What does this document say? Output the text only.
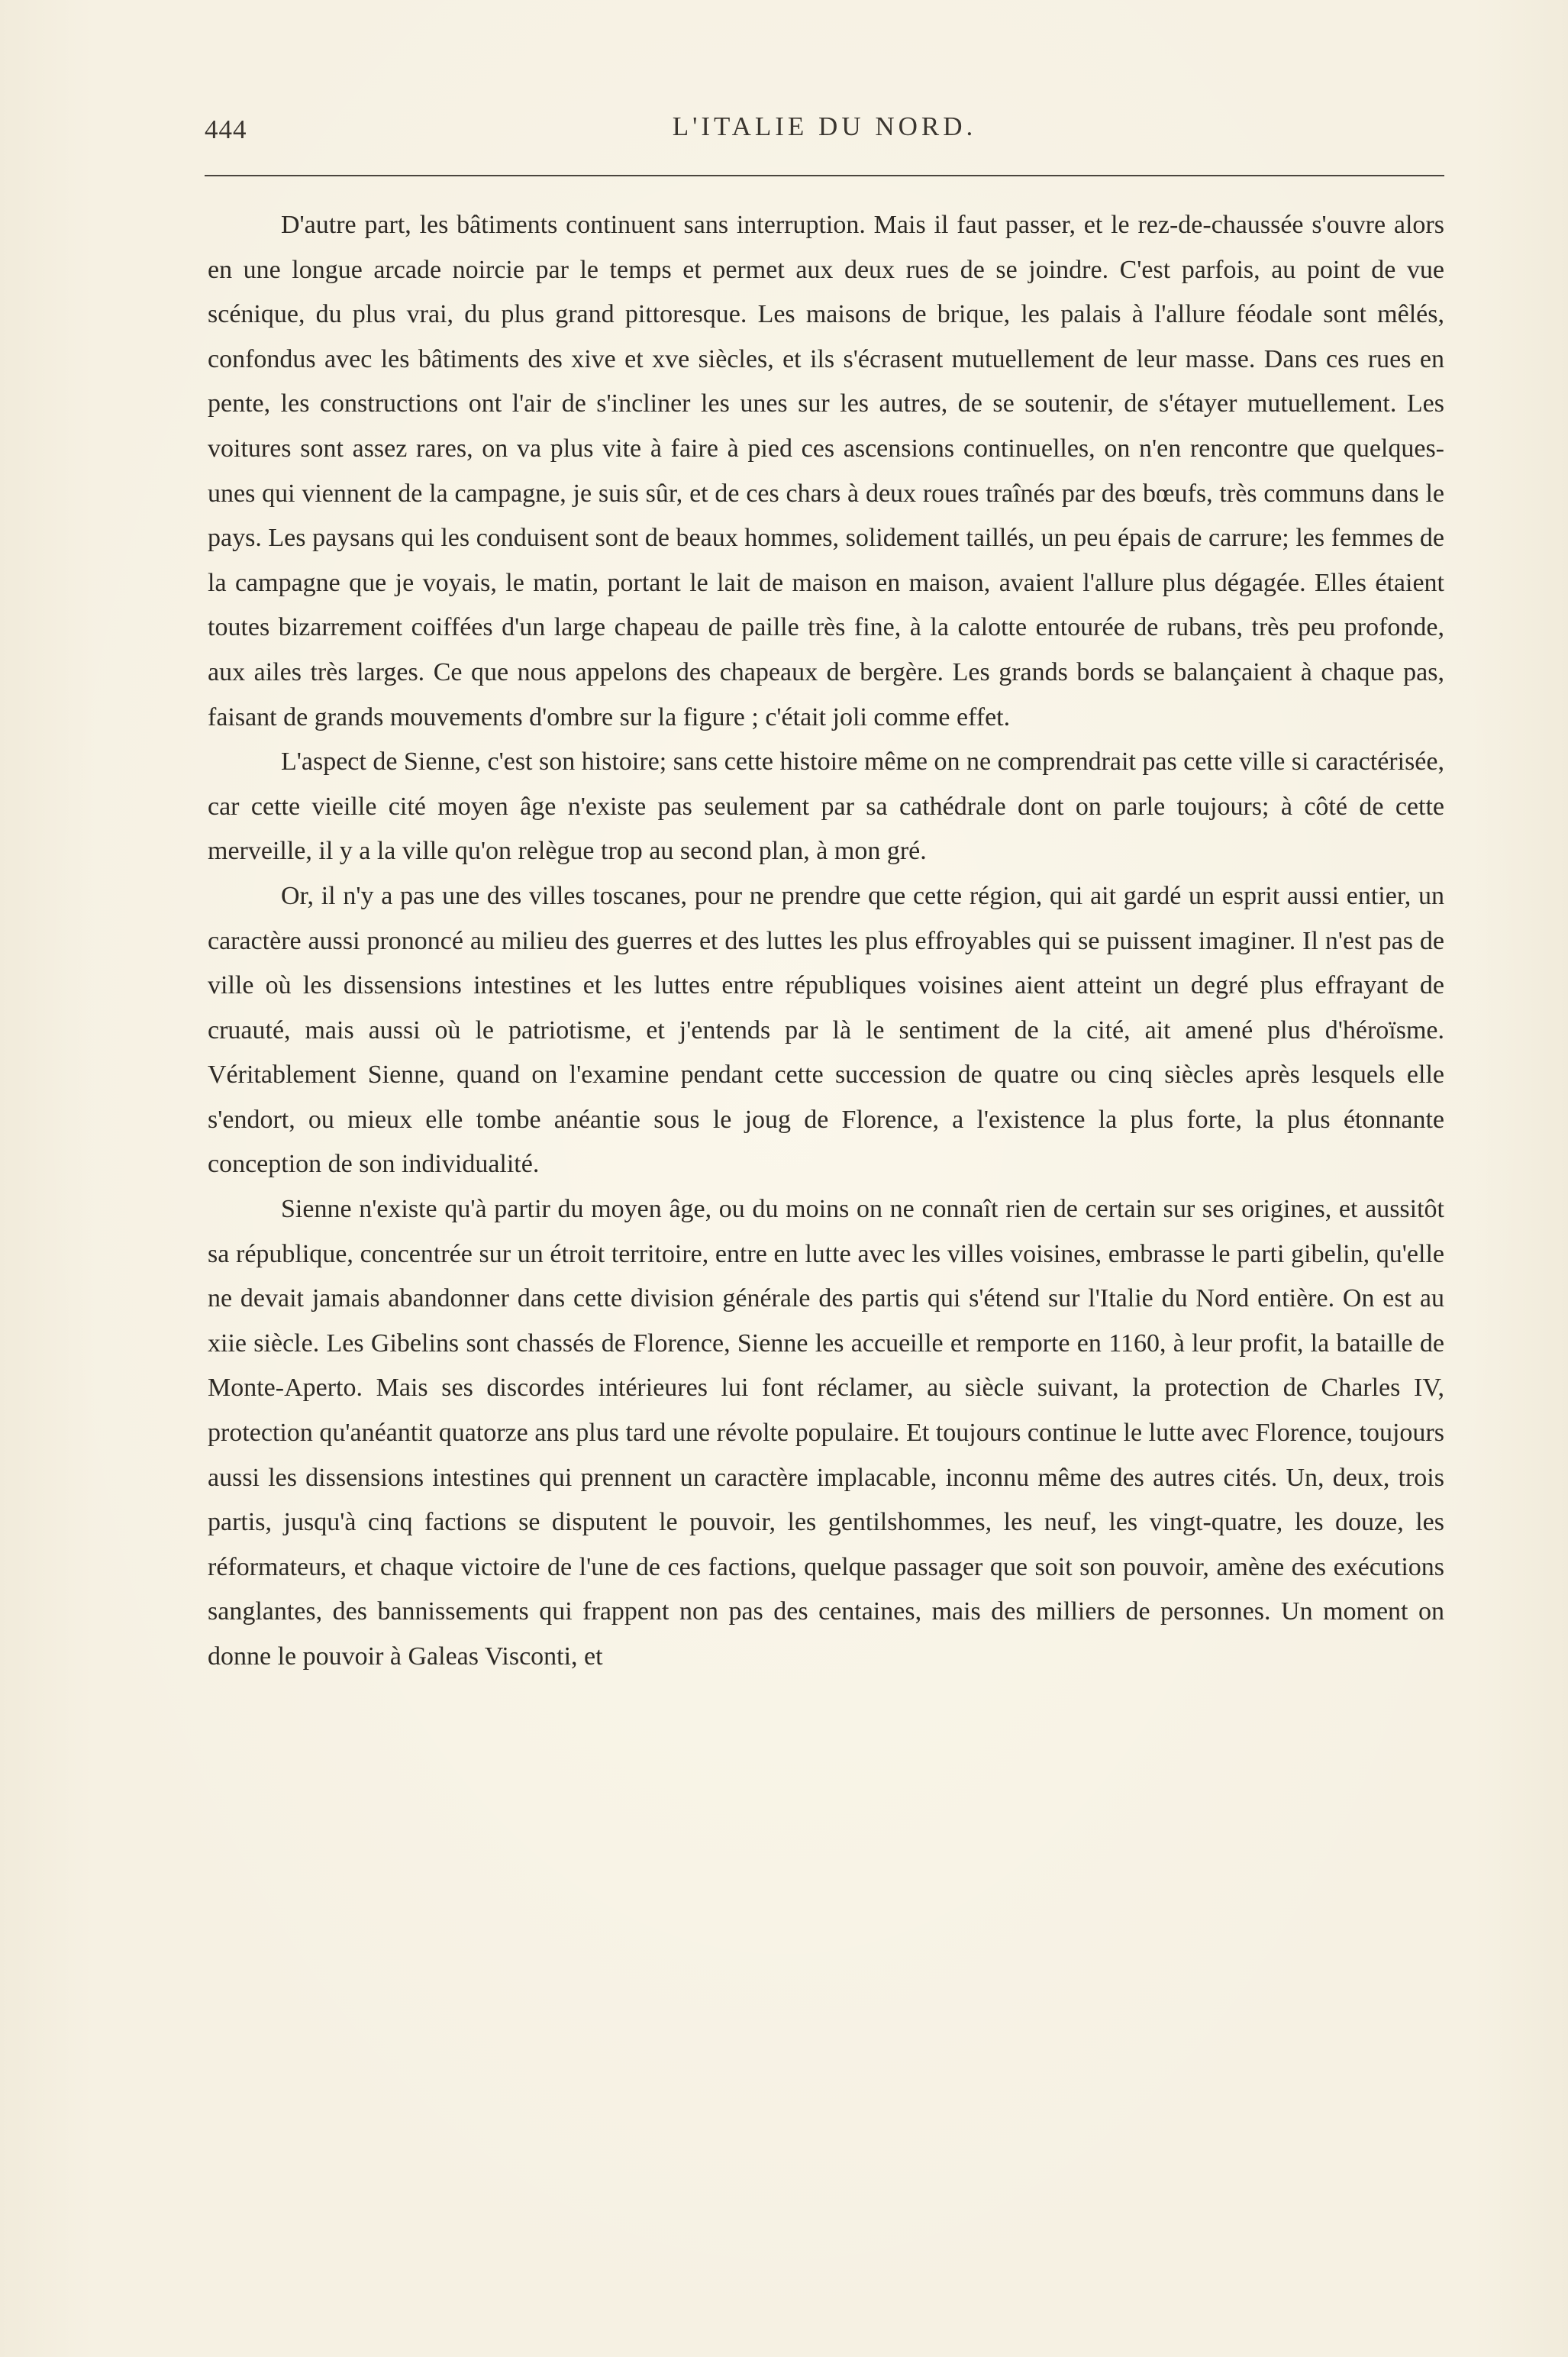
444	L'ITALIE DU NORD.

D'autre part, les bâtiments continuent sans interruption. Mais il faut passer, et le rez-de-chaussée s'ouvre alors en une longue arcade noircie par le temps et permet aux deux rues de se joindre. C'est parfois, au point de vue scénique, du plus vrai, du plus grand pittoresque. Les maisons de brique, les palais à l'allure féodale sont mêlés, confondus avec les bâtiments des xive et xve siècles, et ils s'écrasent mutuellement de leur masse. Dans ces rues en pente, les constructions ont l'air de s'incliner les unes sur les autres, de se soutenir, de s'étayer mutuellement. Les voitures sont assez rares, on va plus vite à faire à pied ces ascensions continuelles, on n'en rencontre que quelques-unes qui viennent de la campagne, je suis sûr, et de ces chars à deux roues traînés par des bœufs, très communs dans le pays. Les paysans qui les conduisent sont de beaux hommes, solidement taillés, un peu épais de carrure; les femmes de la campagne que je voyais, le matin, portant le lait de maison en maison, avaient l'allure plus dégagée. Elles étaient toutes bizarrement coiffées d'un large chapeau de paille très fine, à la calotte entourée de rubans, très peu profonde, aux ailes très larges. Ce que nous appelons des chapeaux de bergère. Les grands bords se balançaient à chaque pas, faisant de grands mouvements d'ombre sur la figure ; c'était joli comme effet.

L'aspect de Sienne, c'est son histoire; sans cette histoire même on ne comprendrait pas cette ville si caractérisée, car cette vieille cité moyen âge n'existe pas seulement par sa cathédrale dont on parle toujours; à côté de cette merveille, il y a la ville qu'on relègue trop au second plan, à mon gré.

Or, il n'y a pas une des villes toscanes, pour ne prendre que cette région, qui ait gardé un esprit aussi entier, un caractère aussi prononcé au milieu des guerres et des luttes les plus effroyables qui se puissent imaginer. Il n'est pas de ville où les dissensions intestines et les luttes entre républiques voisines aient atteint un degré plus effrayant de cruauté, mais aussi où le patriotisme, et j'entends par là le sentiment de la cité, ait amené plus d'héroïsme. Véritablement Sienne, quand on l'examine pendant cette succession de quatre ou cinq siècles après lesquels elle s'endort, ou mieux elle tombe anéantie sous le joug de Florence, a l'existence la plus forte, la plus étonnante conception de son individualité.

Sienne n'existe qu'à partir du moyen âge, ou du moins on ne connaît rien de certain sur ses origines, et aussitôt sa république, concentrée sur un étroit territoire, entre en lutte avec les villes voisines, embrasse le parti gibelin, qu'elle ne devait jamais abandonner dans cette division générale des partis qui s'étend sur l'Italie du Nord entière. On est au xiie siècle. Les Gibelins sont chassés de Florence, Sienne les accueille et remporte en 1160, à leur profit, la bataille de Monte-Aperto. Mais ses discordes intérieures lui font réclamer, au siècle suivant, la protection de Charles IV, protection qu'anéantit quatorze ans plus tard une révolte populaire. Et toujours continue le lutte avec Florence, toujours aussi les dissensions intestines qui prennent un caractère implacable, inconnu même des autres cités. Un, deux, trois partis, jusqu'à cinq factions se disputent le pouvoir, les gentilshommes, les neuf, les vingt-quatre, les douze, les réformateurs, et chaque victoire de l'une de ces factions, quelque passager que soit son pouvoir, amène des exécutions sanglantes, des bannissements qui frappent non pas des centaines, mais des milliers de personnes. Un moment on donne le pouvoir à Galeas Visconti, et
